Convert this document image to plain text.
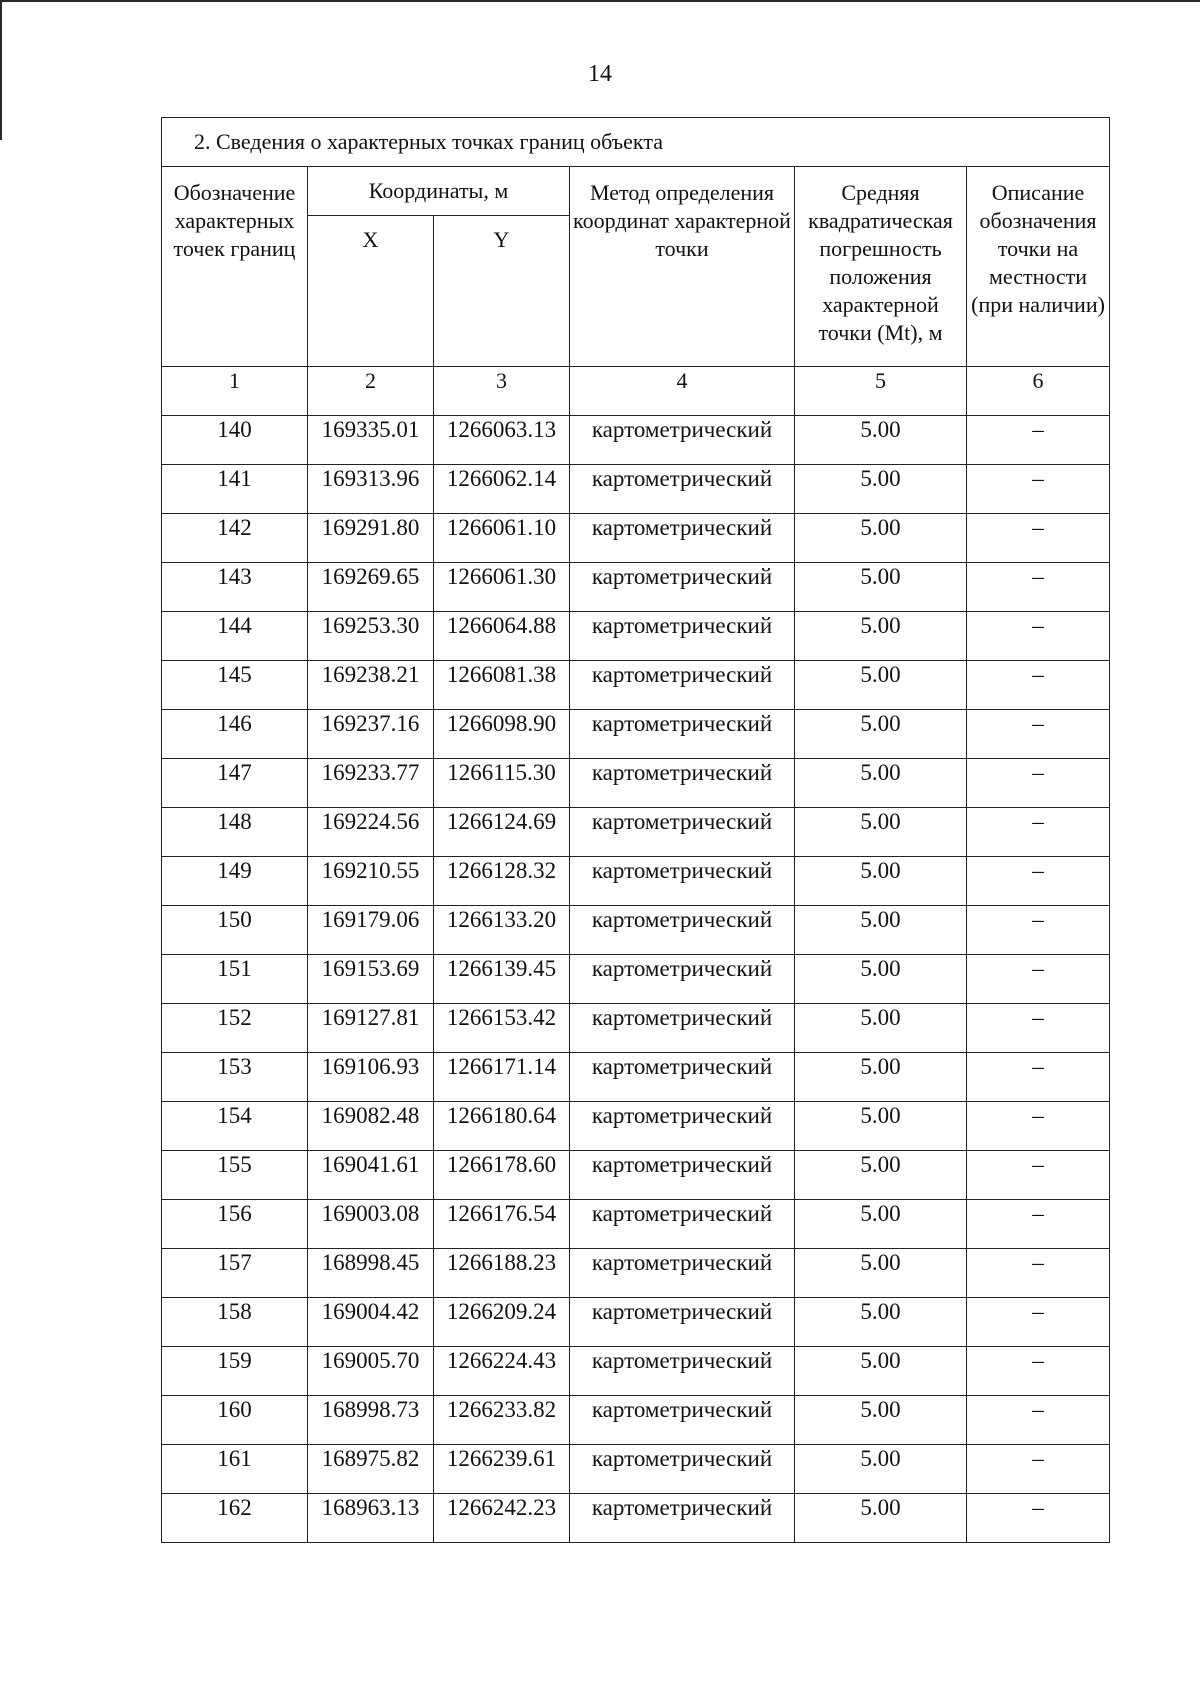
14
2. Сведения о характерных точках границ объекта					
Обозначение характерных точек границ	Координаты, м		Метод определения координат характерной точки	Средняя квадратическая погрешность положения характерной точки (Mt), м	Описание обозначения точки на местности (при наличии)
	X	Y			
1	2	3	4	5	6
140	169335.01	1266063.13	картометрический	5.00	–
141	169313.96	1266062.14	картометрический	5.00	–
142	169291.80	1266061.10	картометрический	5.00	–
143	169269.65	1266061.30	картометрический	5.00	–
144	169253.30	1266064.88	картометрический	5.00	–
145	169238.21	1266081.38	картометрический	5.00	–
146	169237.16	1266098.90	картометрический	5.00	–
147	169233.77	1266115.30	картометрический	5.00	–
148	169224.56	1266124.69	картометрический	5.00	–
149	169210.55	1266128.32	картометрический	5.00	–
150	169179.06	1266133.20	картометрический	5.00	–
151	169153.69	1266139.45	картометрический	5.00	–
152	169127.81	1266153.42	картометрический	5.00	–
153	169106.93	1266171.14	картометрический	5.00	–
154	169082.48	1266180.64	картометрический	5.00	–
155	169041.61	1266178.60	картометрический	5.00	–
156	169003.08	1266176.54	картометрический	5.00	–
157	168998.45	1266188.23	картометрический	5.00	–
158	169004.42	1266209.24	картометрический	5.00	–
159	169005.70	1266224.43	картометрический	5.00	–
160	168998.73	1266233.82	картометрический	5.00	–
161	168975.82	1266239.61	картометрический	5.00	–
162	168963.13	1266242.23	картометрический	5.00	–
